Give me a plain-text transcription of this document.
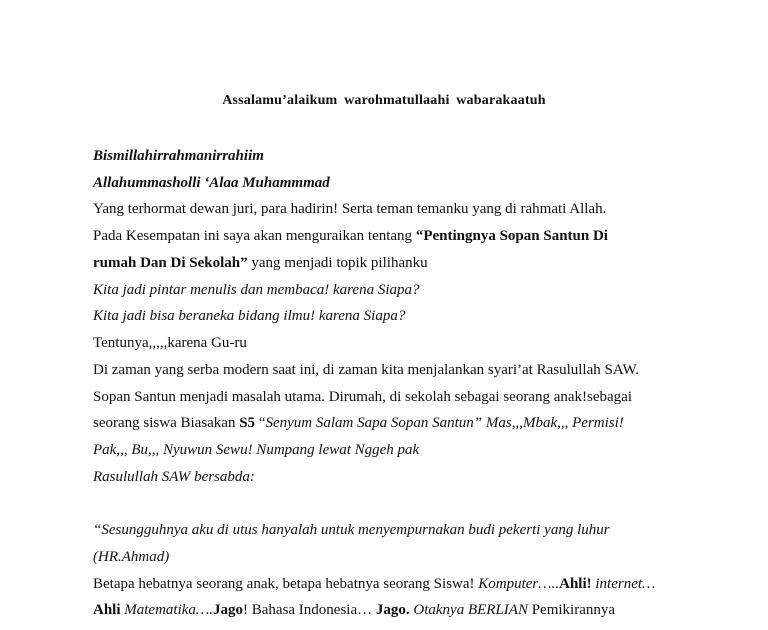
Assalamu’alaikum warohmatullaahi wabarakaatuh
Bismillahirrahmanirrahiim
Allahummasholli ‘Alaa Muhammmad
Yang terhormat dewan juri, para hadirin! Serta teman temanku yang di rahmati Allah.
Pada Kesempatan ini saya akan menguraikan tentang “Pentingnya Sopan Santun Di
rumah Dan Di Sekolah” yang menjadi topik pilihanku
Kita jadi pintar menulis dan membaca! karena Siapa?
Kita jadi bisa beraneka bidang ilmu! karena Siapa?
Tentunya,,,,,karena Gu-ru
Di zaman yang serba modern saat ini, di zaman kita menjalankan syari’at Rasulullah SAW.
Sopan Santun menjadi masalah utama. Dirumah, di sekolah sebagai seorang anak!sebagai
seorang siswa Biasakan S5 “Senyum Salam Sapa Sopan Santun” Mas,,,Mbak,,, Permisi!
Pak,,, Bu,,, Nyuwun Sewu! Numpang lewat Nggeh pak
Rasulullah SAW bersabda:
“Sesungguhnya aku di utus hanyalah untuk menyempurnakan budi pekerti yang luhur
(HR.Ahmad)
Betapa hebatnya seorang anak, betapa hebatnya seorang Siswa! Komputer…..Ahli! internet…
Ahli Matematika….Jago! Bahasa Indonesia… Jago. Otaknya BERLIAN Pemikirannya
